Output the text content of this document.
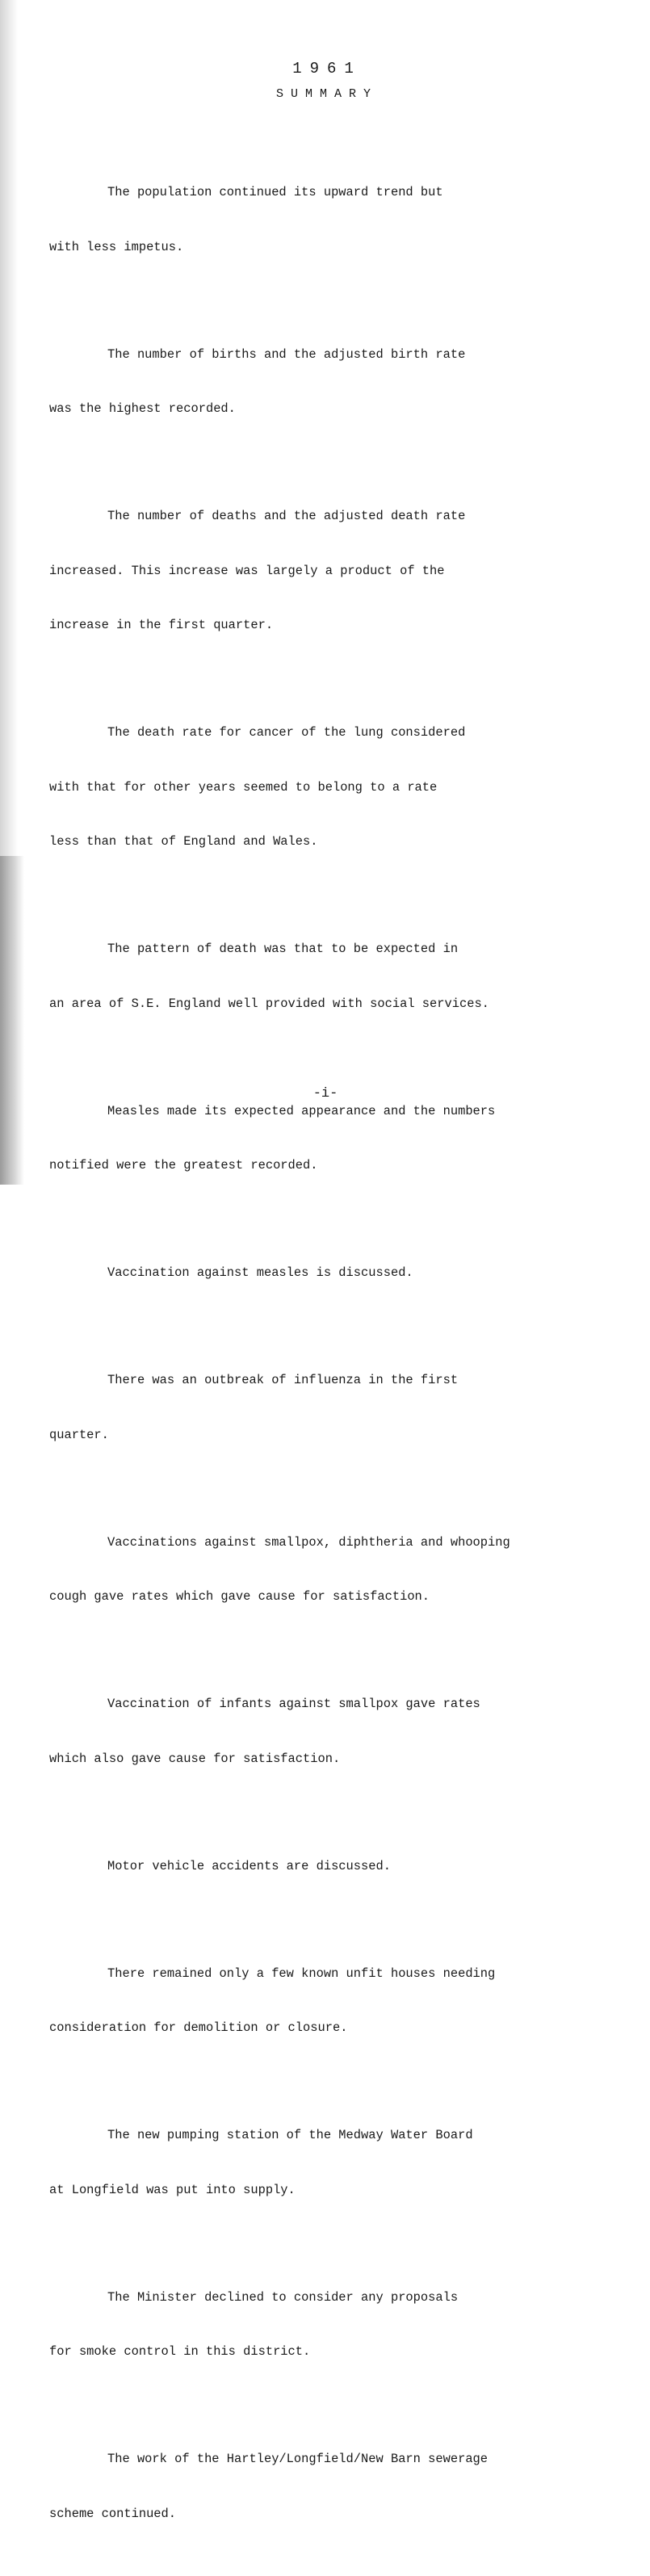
1961
SUMMARY

The population continued its upward trend but

with less impetus.

The number of births and the adjusted birth rate

was the highest recorded.

The number of deaths and the adjusted death rate

increased. This increase was largely a product of the

increase in the first quarter.

The death rate for cancer of the lung considered

with that for other years seemed to belong to a rate

less than that of England and Wales.

The pattern of death was that to be expected in

an area of S.E. England well provided with social services.

Measles made its expected appearance and the numbers

notified were the greatest recorded.

Vaccination against measles is discussed.

There was an outbreak of influenza in the first

quarter.

Vaccinations against smallpox, diphtheria and whooping

cough gave rates which gave cause for satisfaction.

Vaccination of infants against smallpox gave rates

which also gave cause for satisfaction.

Motor vehicle accidents are discussed.

There remained only a few known unfit houses needing

consideration for demolition or closure.

The new pumping station of the Medway Water Board

at Longfield was put into supply.

The Minister declined to consider any proposals

for smoke control in this district.

The work of the Hartley/Longfield/New Barn sewerage

scheme continued.

-i-
